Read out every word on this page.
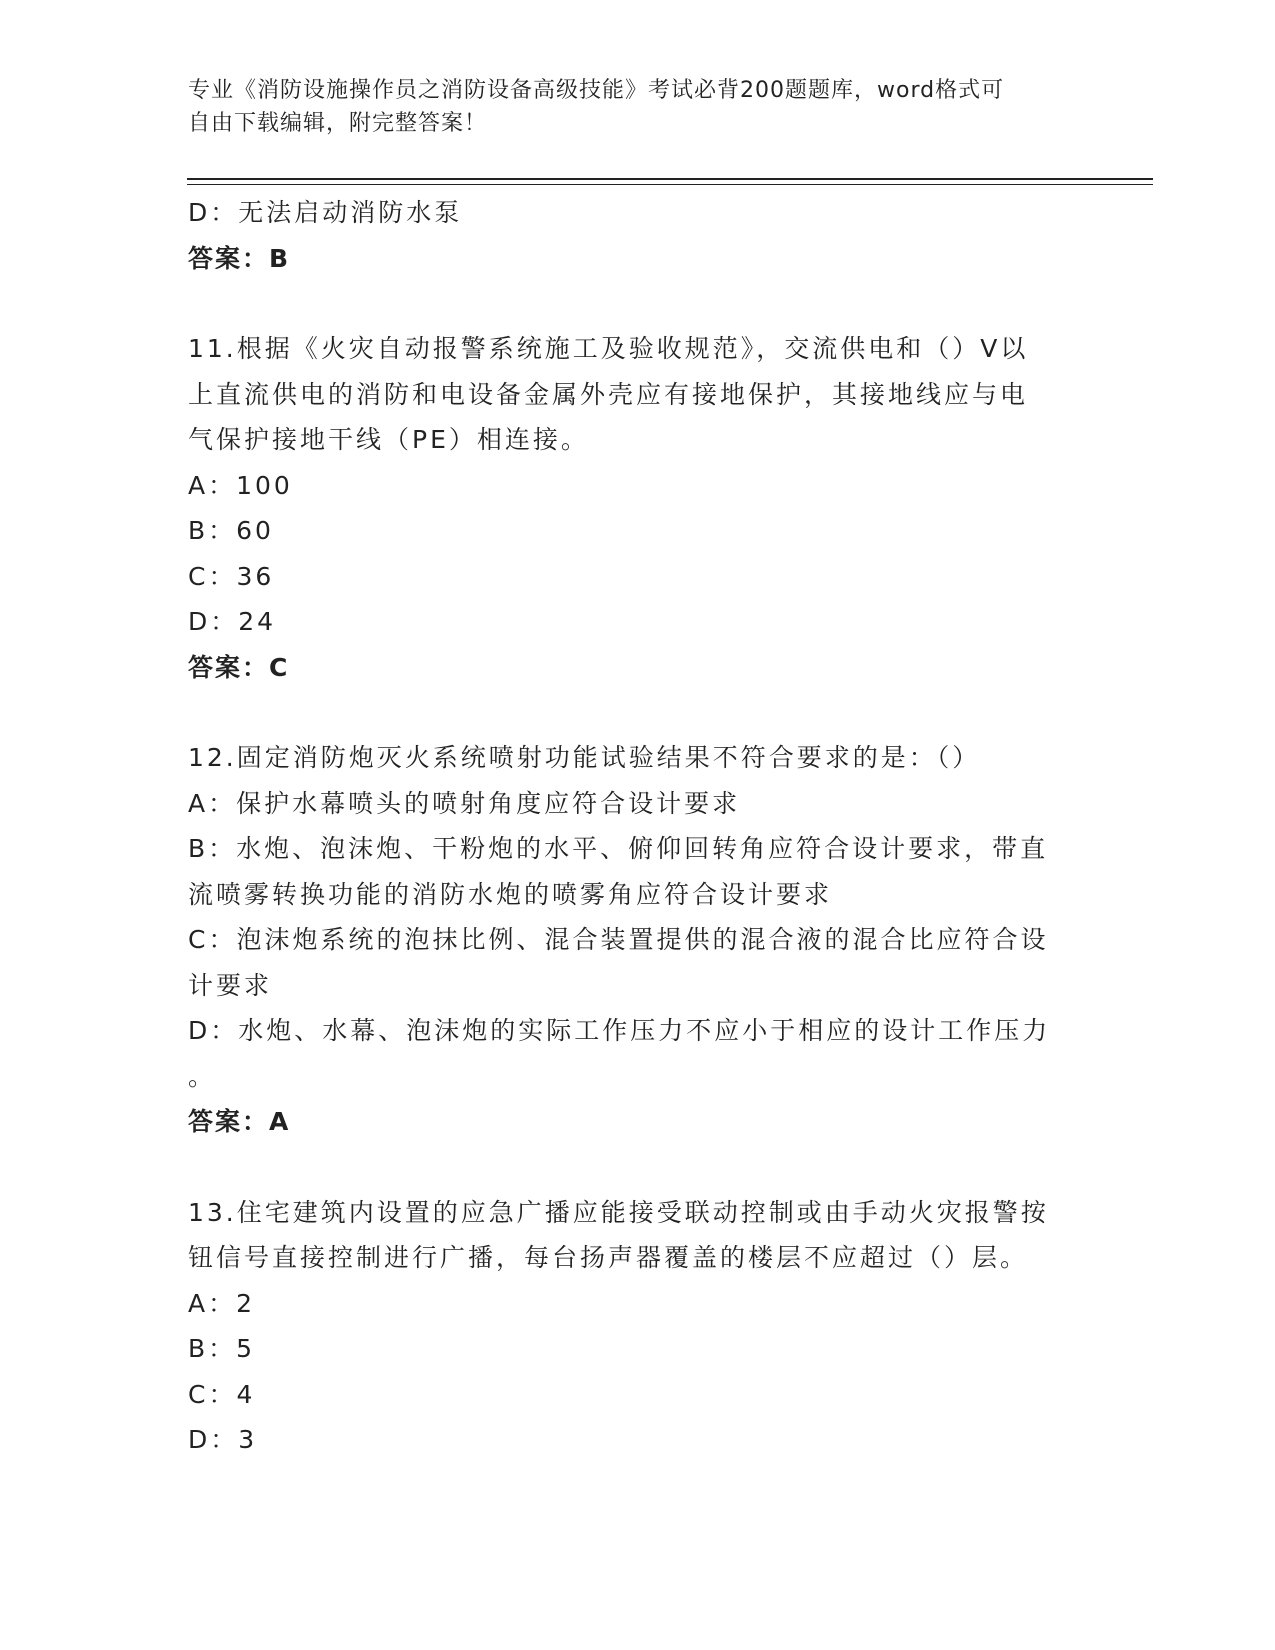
专业《消防设施操作员之消防设备高级技能》考试必背200题题库，word格式可
自由下载编辑，附完整答案！
D：无法启动消防水泵
答案：B
11.根据《火灾自动报警系统施工及验收规范》，交流供电和（）V以
上直流供电的消防和电设备金属外壳应有接地保护，其接地线应与电
气保护接地干线（PE）相连接。
A：100
B：60
C：36
D：24
答案：C
12.固定消防炮灭火系统喷射功能试验结果不符合要求的是：（）
A：保护水幕喷头的喷射角度应符合设计要求
B：水炮、泡沫炮、干粉炮的水平、俯仰回转角应符合设计要求，带直
流喷雾转换功能的消防水炮的喷雾角应符合设计要求
C：泡沫炮系统的泡抹比例、混合装置提供的混合液的混合比应符合设
计要求
D：水炮、水幕、泡沫炮的实际工作压力不应小于相应的设计工作压力
。
答案：A
13.住宅建筑内设置的应急广播应能接受联动控制或由手动火灾报警按
钮信号直接控制进行广播，每台扬声器覆盖的楼层不应超过（）层。
A：2
B：5
C：4
D：3
